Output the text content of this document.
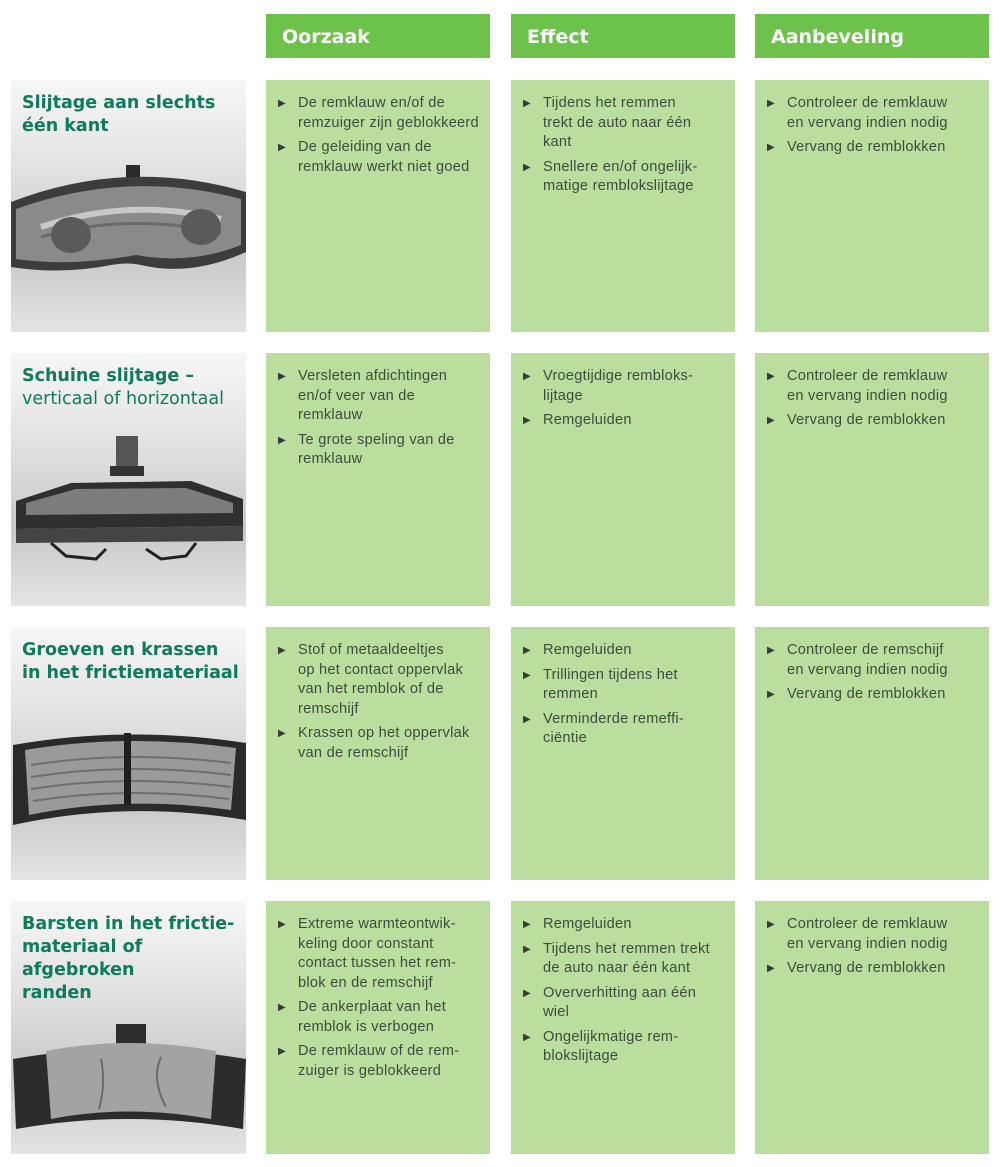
Oorzaak	Effect	Aanbeveling
Slijtage aan slechts
één kant
▶ De remklauw en/of de
remzuiger zijn geblokkeerd
▶ De geleiding van de
remklauw werkt niet goed
▶ Tijdens het remmen
trekt de auto naar één
kant
▶ Snellere en/of ongelijk-
matige remblokslijtage
▶ Controleer de remklauw
en vervang indien nodig
▶ Vervang de remblokken
Schuine slijtage –
verticaal of horizontaal
▶ Versleten afdichtingen
en/of veer van de
remklauw
▶ Te grote speling van de
remklauw
▶ Vroegtijdige rembloks-
lijtage
▶ Remgeluiden
▶ Controleer de remklauw
en vervang indien nodig
▶ Vervang de remblokken
Groeven en krassen
in het frictiemateriaal
▶ Stof of metaaldeeltjes
op het contact oppervlak
van het remblok of de
remschijf
▶ Krassen op het oppervlak
van de remschijf
▶ Remgeluiden
▶ Trillingen tijdens het
remmen
▶ Verminderde remeffi-
ciëntie
▶ Controleer de remschijf
en vervang indien nodig
▶ Vervang de remblokken
Barsten in het frictie-
materiaal of afgebroken
randen
▶ Extreme warmteontwik-
keling door constant
contact tussen het rem-
blok en de remschijf
▶ De ankerplaat van het
remblok is verbogen
▶ De remklauw of de rem-
zuiger is geblokkeerd
▶ Remgeluiden
▶ Tijdens het remmen trekt
de auto naar één kant
▶ Oververhitting aan één
wiel
▶ Ongelijkmatige rem-
blokslijtage
▶ Controleer de remklauw
en vervang indien nodig
▶ Vervang de remblokken
